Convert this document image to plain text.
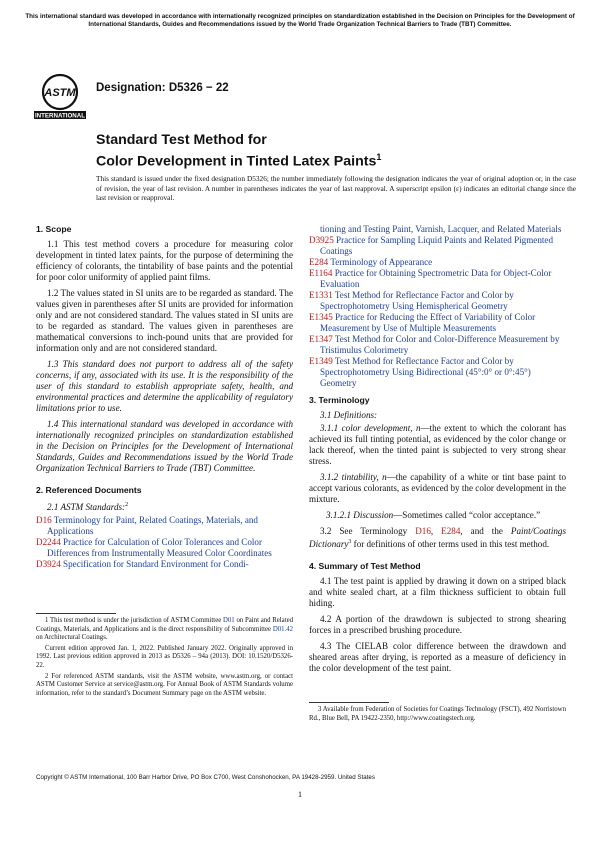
This international standard was developed in accordance with internationally recognized principles on standardization established in the Decision on Principles for the Development of International Standards, Guides and Recommendations issued by the World Trade Organization Technical Barriers to Trade (TBT) Committee.

ASTM
INTERNATIONAL
Designation: D5326 − 22
Standard Test Method for
Color Development in Tinted Latex Paints$^1$

This standard is issued under the fixed designation D5326; the number immediately following the designation indicates the year of original adoption or, in the case of revision, the year of last revision. A number in parentheses indicates the year of last reapproval. A superscript epsilon (ε) indicates an editorial change since the last revision or reapproval.

1. Scope

1.1 This test method covers a procedure for measuring color development in tinted latex paints, for the purpose of determining the efficiency of colorants, the tintability of base paints and the potential for poor color uniformity of applied paint films.

1.2 The values stated in SI units are to be regarded as standard. The values given in parentheses after SI units are provided for information only and are not considered standard. The values stated in SI units are to be regarded as standard. The values given in parentheses are mathematical conversions to inch-pound units that are provided for information only and are not considered standard.

1.3 This standard does not purport to address all of the safety concerns, if any, associated with its use. It is the responsibility of the user of this standard to establish appropriate safety, health, and environmental practices and determine the applicability of regulatory limitations prior to use.

1.4 This international standard was developed in accordance with internationally recognized principles on standardization established in the Decision on Principles for the Development of International Standards, Guides and Recommendations issued by the World Trade Organization Technical Barriers to Trade (TBT) Committee.

2. Referenced Documents

2.1 ASTM Standards:$^2$

D16 Terminology for Paint, Related Coatings, Materials, and Applications

D2244 Practice for Calculation of Color Tolerances and Color Differences from Instrumentally Measured Color Coordinates

D3924 Specification for Standard Environment for Condi-

tioning and Testing Paint, Varnish, Lacquer, and Related Materials

D3925 Practice for Sampling Liquid Paints and Related Pigmented Coatings

E284 Terminology of Appearance

E1164 Practice for Obtaining Spectrometric Data for Object-Color Evaluation

E1331 Test Method for Reflectance Factor and Color by Spectrophotometry Using Hemispherical Geometry

E1345 Practice for Reducing the Effect of Variability of Color Measurement by Use of Multiple Measurements

E1347 Test Method for Color and Color-Difference Measurement by Tristimulus Colorimetry

E1349 Test Method for Reflectance Factor and Color by Spectrophotometry Using Bidirectional (45°:0° or 0°:45°) Geometry

3. Terminology

3.1 Definitions:

3.1.1 color development, n—the extent to which the colorant has achieved its full tinting potential, as evidenced by the color change or lack thereof, when the tinted paint is subjected to very strong shear stress.

3.1.2 tintability, n—the capability of a white or tint base paint to accept various colorants, as evidenced by the color development in the mixture.

3.1.2.1 Discussion—Sometimes called “color acceptance.”

3.2 See Terminology D16, E284, and the Paint/Coatings Dictionary$^3$ for definitions of other terms used in this test method.

4. Summary of Test Method

4.1 The test paint is applied by drawing it down on a striped black and white sealed chart, at a film thickness sufficient to obtain full hiding.

4.2 A portion of the drawdown is subjected to strong shearing forces in a prescribed brushing procedure.

4.3 The CIELAB color difference between the drawdown and sheared areas after drying, is reported as a measure of deficiency in the color development of the test paint.

1 This test method is under the jurisdiction of ASTM Committee D01 on Paint and Related Coatings, Materials, and Applications and is the direct responsibility of Subcommittee D01.42 on Architectural Coatings.

Current edition approved Jan. 1, 2022. Published January 2022. Originally approved in 1992. Last previous edition approved in 2013 as D5326 – 94a (2013). DOI: 10.1520/D5326-22.

2 For referenced ASTM standards, visit the ASTM website, www.astm.org, or contact ASTM Customer Service at service@astm.org. For Annual Book of ASTM Standards volume information, refer to the standard’s Document Summary page on the ASTM website.

3 Available from Federation of Societies for Coatings Technology (FSCT), 492 Norristown Rd., Blue Bell, PA 19422-2350, http://www.coatingstech.org.

Copyright © ASTM International, 100 Barr Harbor Drive, PO Box C700, West Conshohocken, PA 19428-2959. United States
1
